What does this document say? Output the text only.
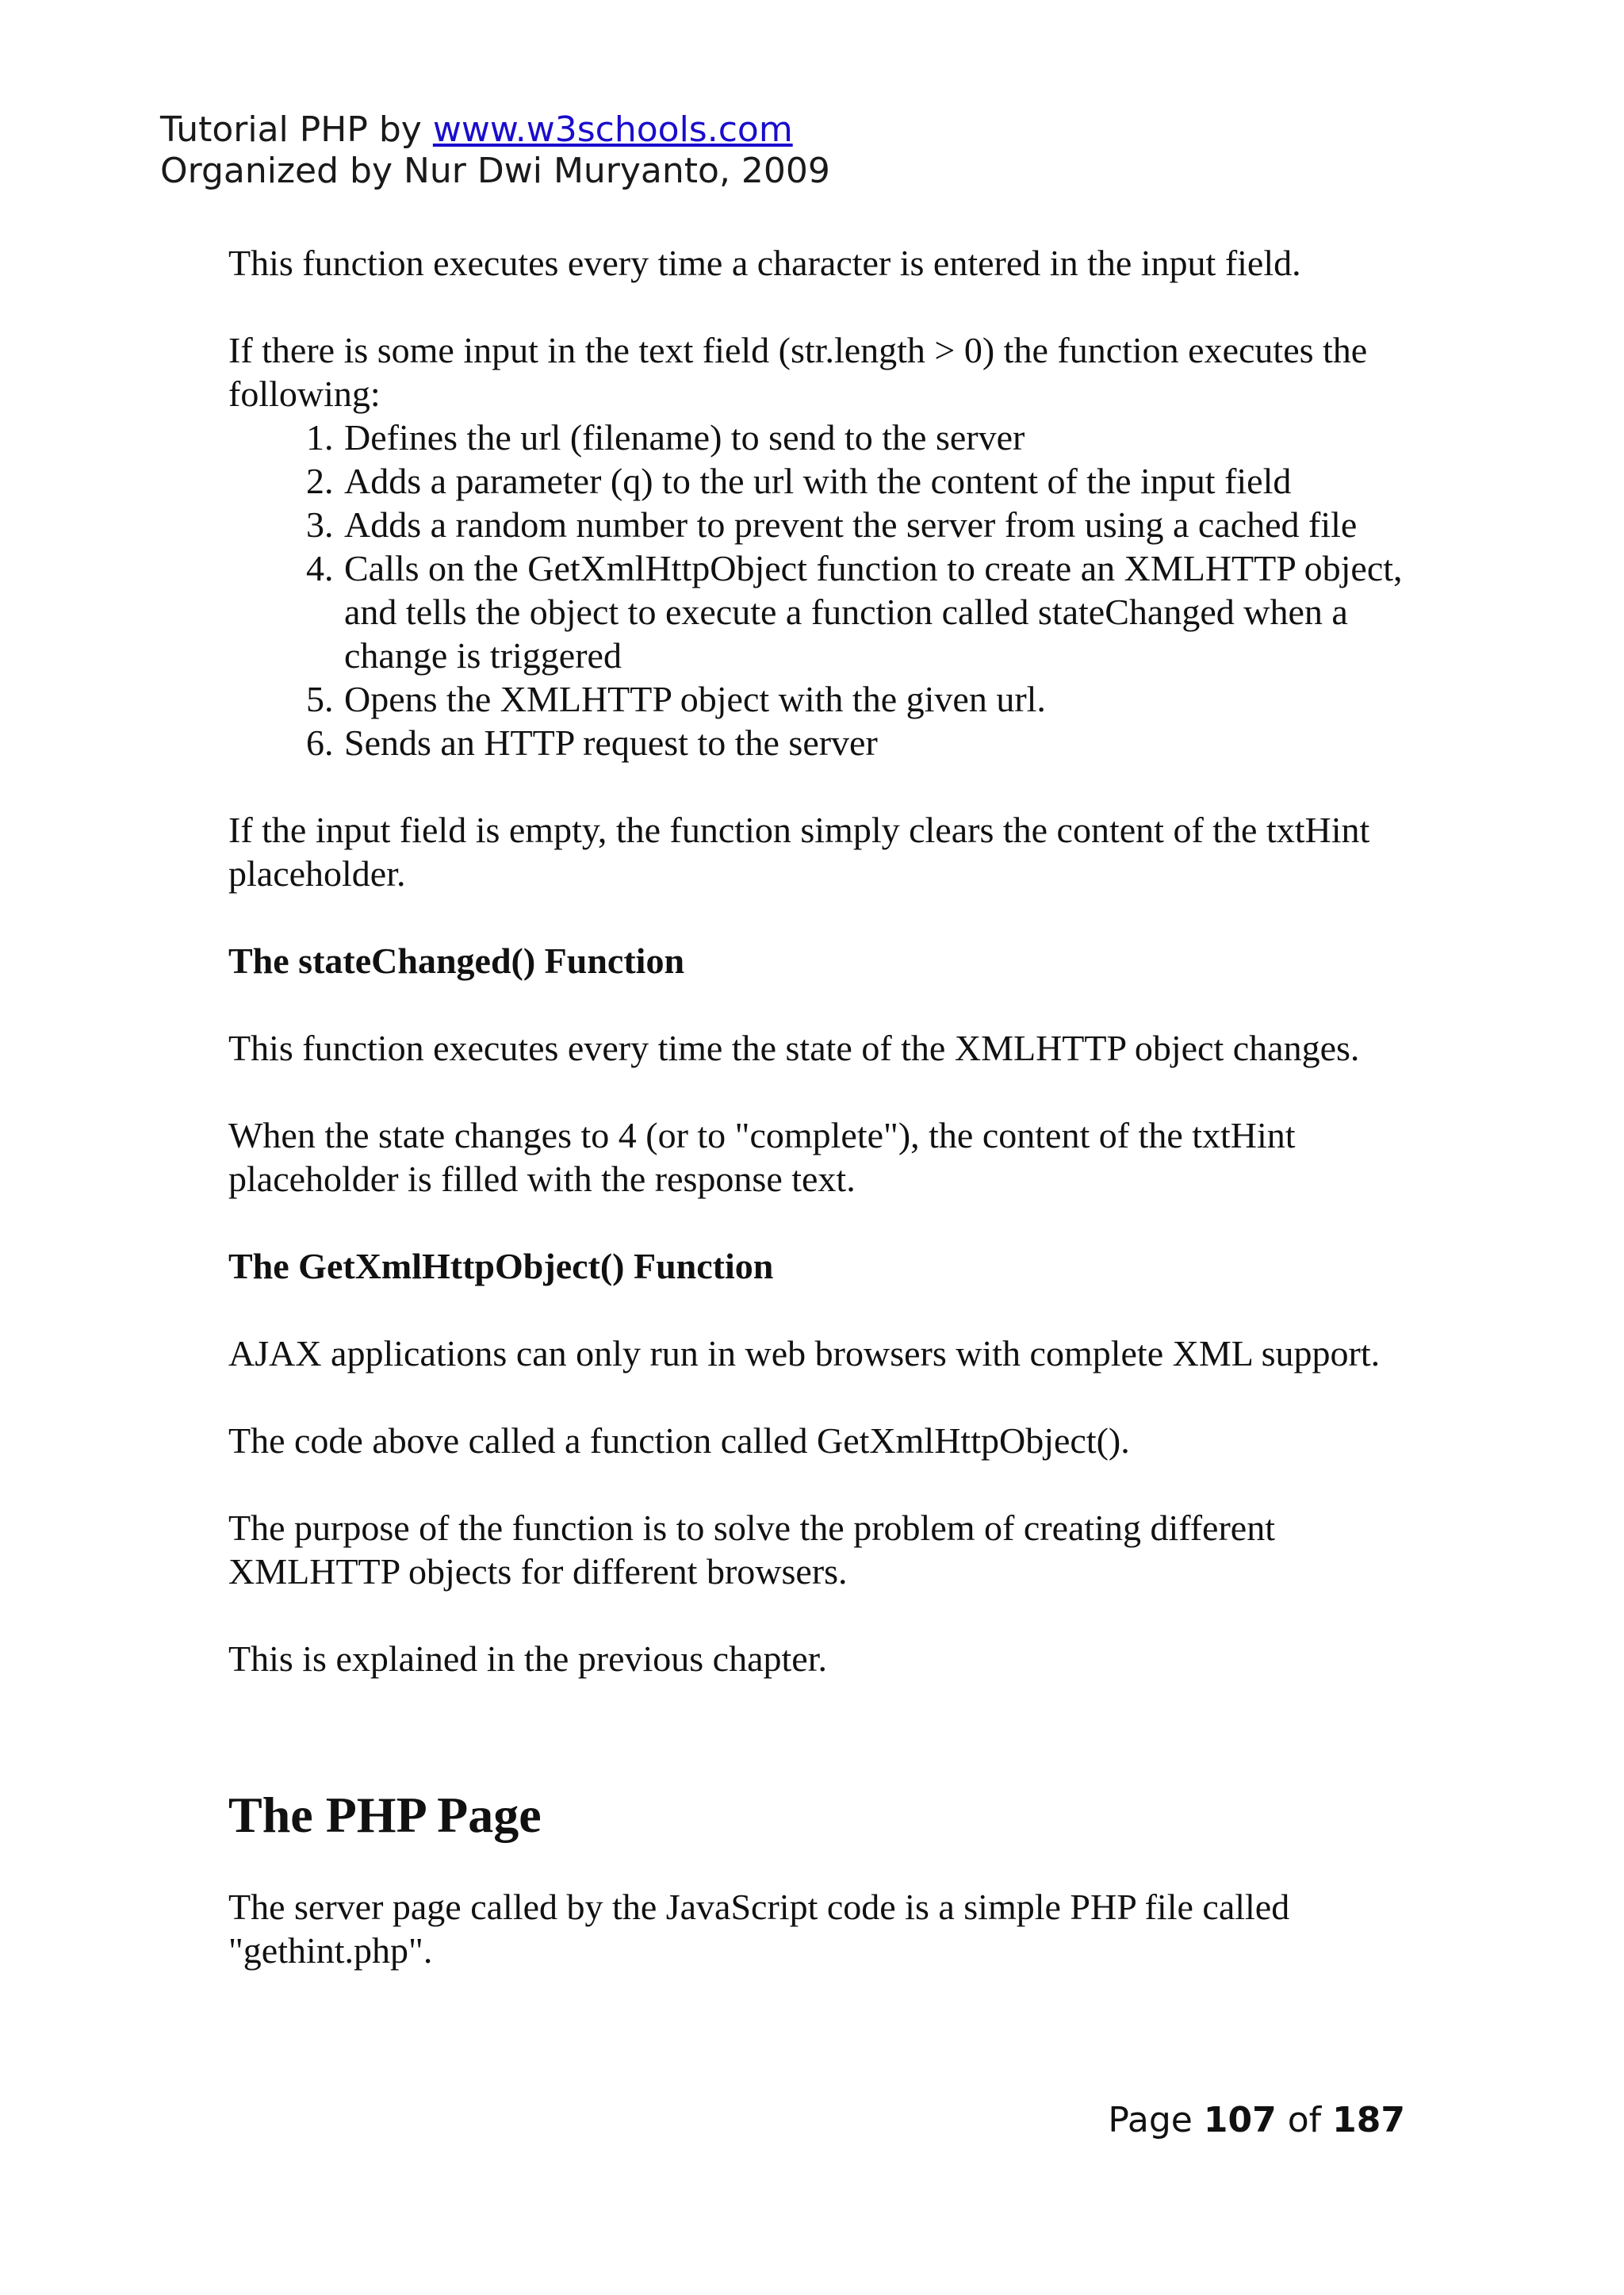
Tutorial PHP by www.w3schools.com
Organized by Nur Dwi Muryanto, 2009

This function executes every time a character is entered in the input field.

If there is some input in the text field (str.length > 0) the function executes the following:

1. Defines the url (filename) to send to the server
2. Adds a parameter (q) to the url with the content of the input field
3. Adds a random number to prevent the server from using a cached file
4. Calls on the GetXmlHttpObject function to create an XMLHTTP object, and tells the object to execute a function called stateChanged when a change is triggered
5. Opens the XMLHTTP object with the given url.
6. Sends an HTTP request to the server

If the input field is empty, the function simply clears the content of the txtHint placeholder.

The stateChanged() Function

This function executes every time the state of the XMLHTTP object changes.

When the state changes to 4 (or to "complete"), the content of the txtHint placeholder is filled with the response text.

The GetXmlHttpObject() Function

AJAX applications can only run in web browsers with complete XML support.

The code above called a function called GetXmlHttpObject().

The purpose of the function is to solve the problem of creating different XMLHTTP objects for different browsers.

This is explained in the previous chapter.

The PHP Page

The server page called by the JavaScript code is a simple PHP file called "gethint.php".

Page 107 of 187
